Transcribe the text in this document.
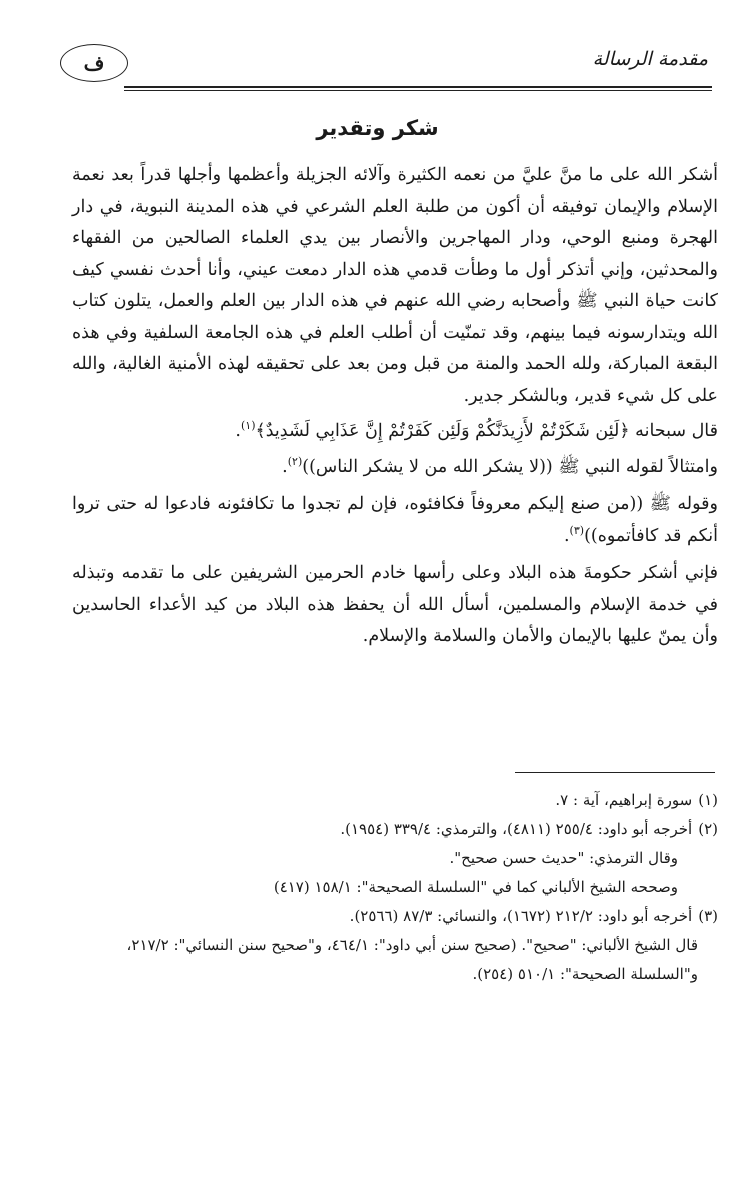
مقدمة الرسالة
ف
شكر وتقدير

أشكر الله على ما منَّ عليَّ من نعمه الكثيرة وآلائه الجزيلة وأعظمها وأجلها قدراً بعد نعمة الإسلام والإيمان توفيقه أن أكون من طلبة العلم الشرعي في هذه المدينة النبوية، في دار الهجرة ومنبع الوحي، ودار المهاجرين والأنصار بين يدي العلماء الصالحين من الفقهاء والمحدثين، وإني أتذكر أول ما وطأت قدمي هذه الدار دمعت عيني، وأنا أحدث نفسي كيف كانت حياة النبي ﷺ وأصحابه رضي الله عنهم في هذه الدار بين العلم والعمل، يتلون كتاب الله ويتدارسونه فيما بينهم، وقد تمنّيت أن أطلب العلم في هذه الجامعة السلفية وفي هذه البقعة المباركة، ولله الحمد والمنة من قبل ومن بعد على تحقيقه لهذه الأمنية الغالية، والله على كل شيء قدير، وبالشكر جدير.

قال سبحانه ﴿لَئِن شَكَرْتُمْ لأَزِيدَنَّكُمْ وَلَئِن كَفَرْتُمْ إِنَّ عَذَابِي لَشَدِيدٌ﴾$^{(١)}$.

وامتثالاً لقوله النبي ﷺ ((لا يشكر الله من لا يشكر الناس))$^{(٢)}$.

وقوله ﷺ ((من صنع إليكم معروفاً فكافئوه، فإن لم تجدوا ما تكافئونه فادعوا له حتى تروا أنكم قد كافأتموه))$^{(٣)}$.

فإني أشكر حكومةَ هذه البلاد وعلى رأسها خادم الحرمين الشريفين على ما تقدمه وتبذله في خدمة الإسلام والمسلمين، أسأل الله أن يحفظ هذه البلاد من كيد الأعداء الحاسدين وأن يمنّ عليها بالإيمان والأمان والسلامة والإسلام.

(١)سورة إبراهيم، آية : ٧.

(٢)أخرجه أبو داود: ٢٥٥/٤ (٤٨١١)، والترمذي: ٣٣٩/٤ (١٩٥٤).

وقال الترمذي: "حديث حسن صحيح".

وصححه الشيخ الألباني كما في "السلسلة الصحيحة": ١٥٨/١ (٤١٧)

(٣)أخرجه أبو داود: ٢١٢/٢ (١٦٧٢)، والنسائي: ٨٧/٣ (٢٥٦٦).

قال الشيخ الألباني: "صحيح". (صحيح سنن أبي داود": ٤٦٤/١، و"صحيح سنن النسائي": ٢١٧/٢، و"السلسلة الصحيحة": ٥١٠/١ (٢٥٤).
